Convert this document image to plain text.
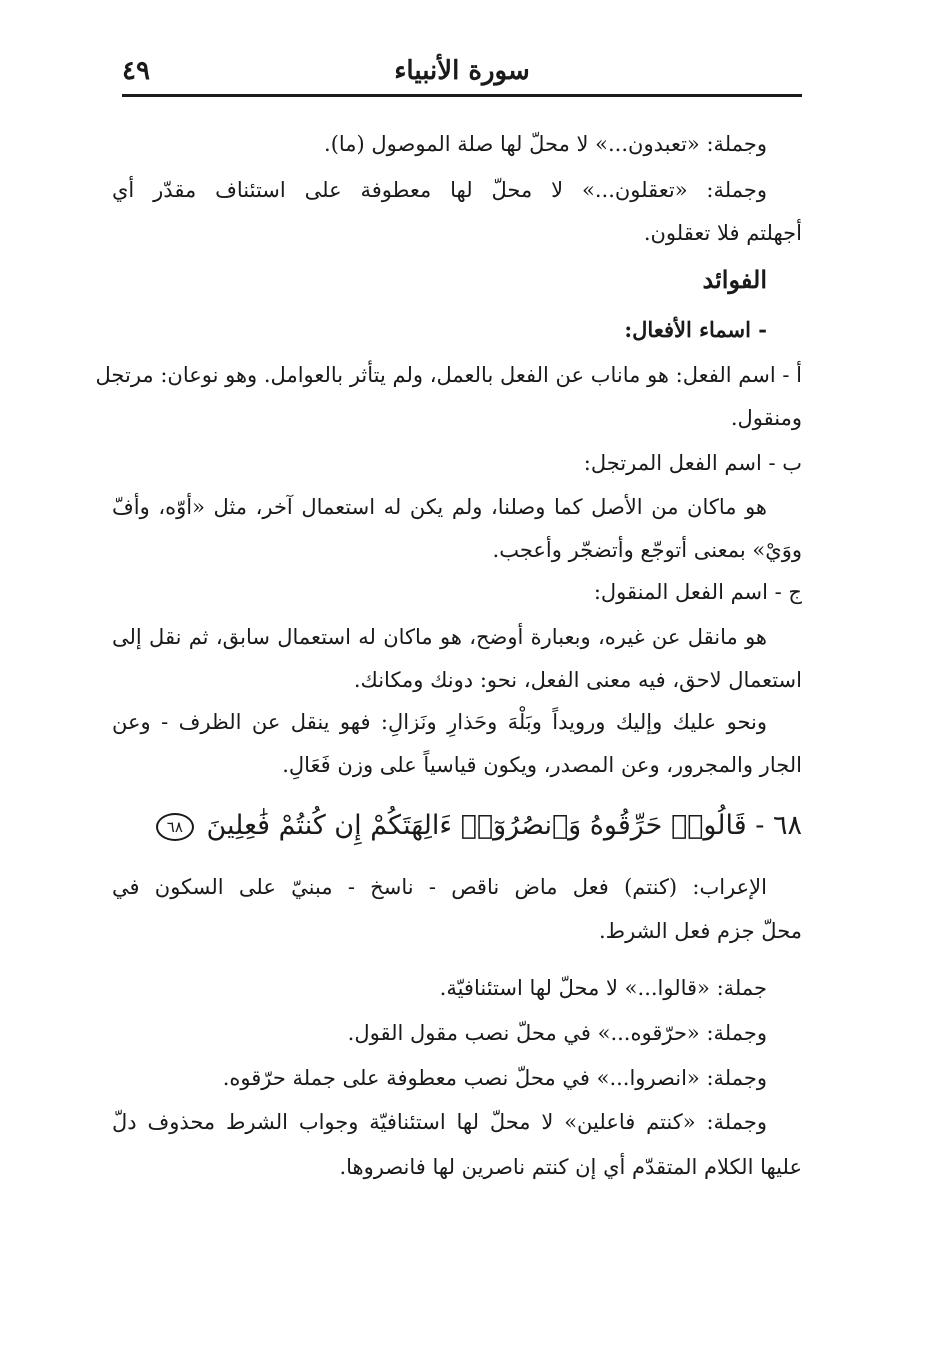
٤٩	سورة الأنبياء
وجملة: «تعبدون...» لا محلّ لها صلة الموصول (ما).
وجملة: «تعقلون...» لا محلّ لها معطوفة على استئناف مقدّر أي
أجهلتم فلا تعقلون.
الفوائد
- اسماء الأفعال:
أ - اسم الفعل: هو ماناب عن الفعل بالعمل، ولم يتأثر بالعوامل. وهو نوعان: مرتجل
ومنقول.
ب - اسم الفعل المرتجل:
هو ماكان من الأصل كما وصلنا، ولم يكن له استعمال آخر، مثل «أوّه، وأفّ
ووَيْ» بمعنى أتوجّع وأتضجّر وأعجب.
ج - اسم الفعل المنقول:
هو مانقل عن غيره، وبعبارة أوضح، هو ماكان له استعمال سابق، ثم نقل إلى
استعمال لاحق، فيه معنى الفعل، نحو: دونك ومكانك.
ونحو عليك وإليك ورويداً وبَلْهَ وحَذارِ ونَزالِ: فهو ينقل عن الظرف - وعن
الجار والمجرور، وعن المصدر، ويكون قياسياً على وزن فَعَالِ.
٦٨ - قَالُوا۟ حَرِّقُوهُ وَٱنصُرُوٓا۟ ءَالِهَتَكُمْ إِن كُنتُمْ فَٰعِلِينَ ٦٨
الإعراب: (كنتم) فعل ماض ناقص - ناسخ - مبنيّ على السكون في
محلّ جزم فعل الشرط.
جملة: «قالوا...» لا محلّ لها استئنافيّة.
وجملة: «حرّقوه...» في محلّ نصب مقول القول.
وجملة: «انصروا...» في محلّ نصب معطوفة على جملة حرّقوه.
وجملة: «كنتم فاعلين» لا محلّ لها استئنافيّة وجواب الشرط محذوف دلّ
عليها الكلام المتقدّم أي إن كنتم ناصرين لها فانصروها.
